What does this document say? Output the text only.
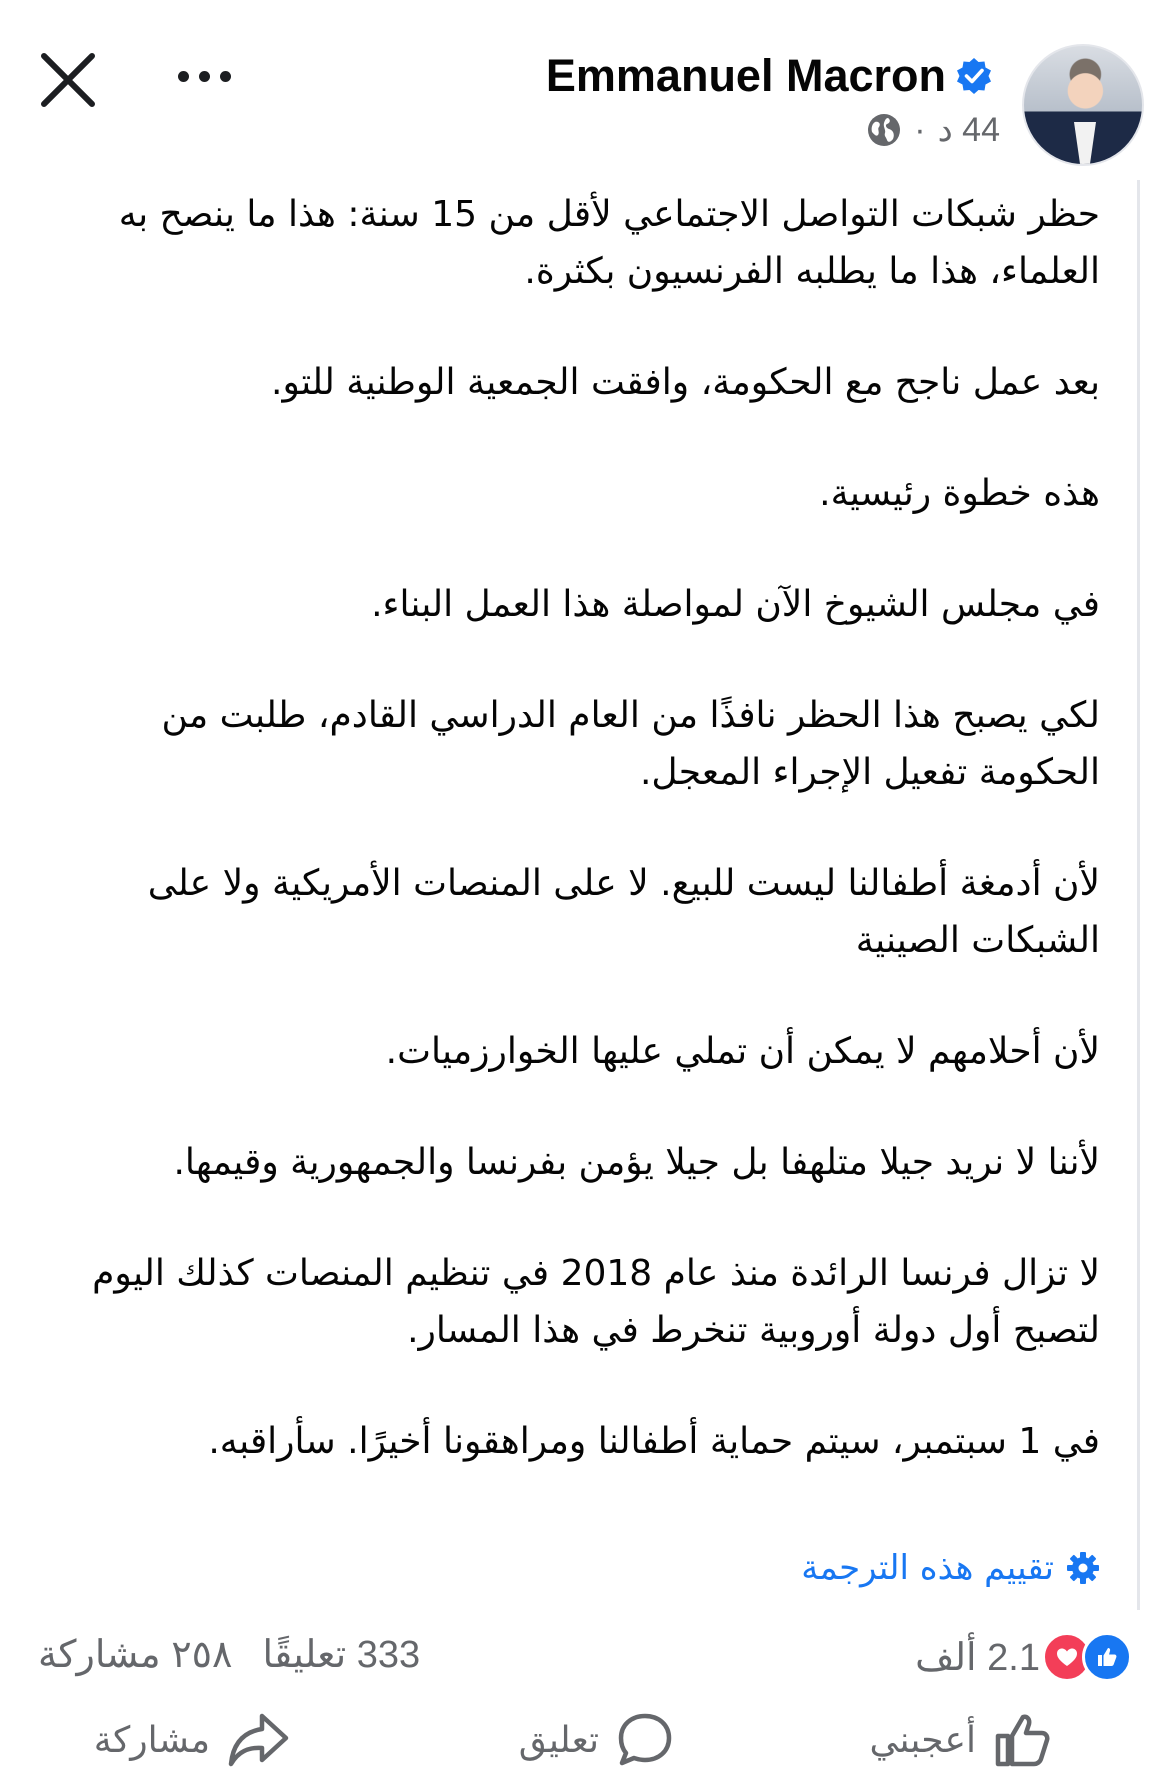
Emmanuel Macron
44 د
·

حظر شبكات التواصل الاجتماعي لأقل من 15 سنة: هذا ما ينصح به العلماء، هذا ما يطلبه الفرنسيون بكثرة.

بعد عمل ناجح مع الحكومة، وافقت الجمعية الوطنية للتو.

هذه خطوة رئيسية.

في مجلس الشيوخ الآن لمواصلة هذا العمل البناء.

لكي يصبح هذا الحظر نافذًا من العام الدراسي القادم، طلبت من الحكومة تفعيل الإجراء المعجل.

لأن أدمغة أطفالنا ليست للبيع. لا على المنصات الأمريكية ولا على الشبكات الصينية

لأن أحلامهم لا يمكن أن تملي عليها الخوارزميات.

لأننا لا نريد جيلا متلهفا بل جيلا يؤمن بفرنسا والجمهورية وقيمها.

لا تزال فرنسا الرائدة منذ عام 2018 في تنظيم المنصات كذلك اليوم لتصبح أول دولة أوروبية تنخرط في هذا المسار.

في 1 سبتمبر، سيتم حماية أطفالنا ومراهقونا أخيرًا. سأراقبه.

تقييم هذه الترجمة
2.1 ألف
333 تعليقًا
٢٥٨ مشاركة
أعجبني
تعليق
مشاركة
